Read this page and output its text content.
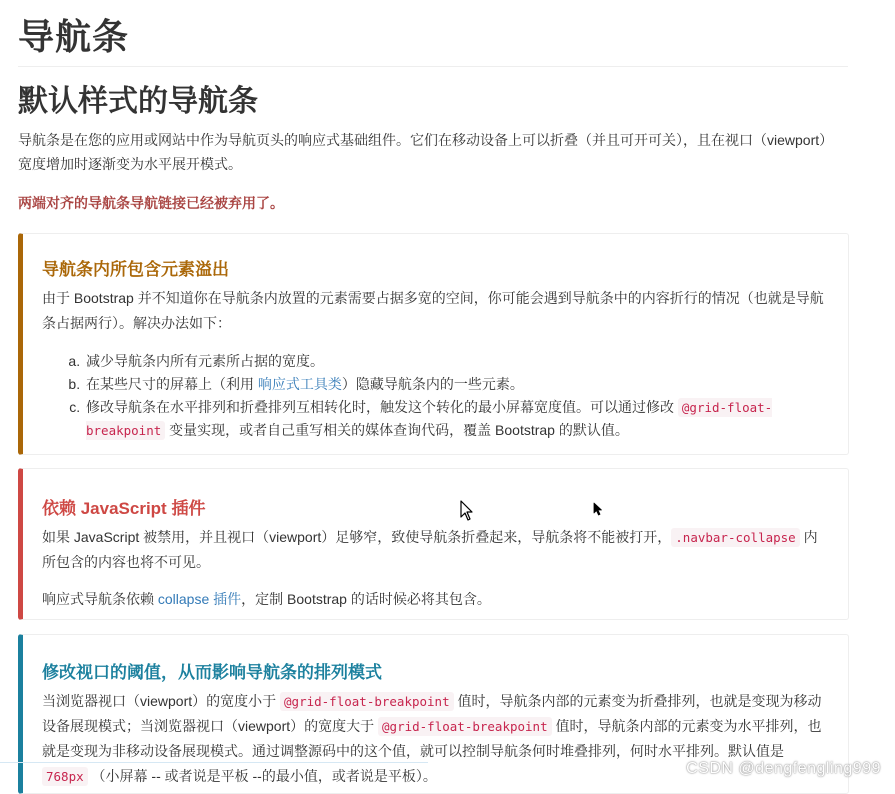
导航条
默认样式的导航条

导航条是在您的应用或网站中作为导航页头的响应式基础组件。它们在移动设备上可以折叠（并且可开可关），且在视口（viewport）宽度增加时逐渐变为水平展开模式。

两端对齐的导航条导航链接已经被弃用了。

导航条内所包含元素溢出

由于 Bootstrap 并不知道你在导航条内放置的元素需要占据多宽的空间，你可能会遇到导航条中的内容折行的情况（也就是导航条占据两行）。解决办法如下：

a. 减少导航条内所有元素所占据的宽度。
b. 在某些尺寸的屏幕上（利用 响应式工具类）隐藏导航条内的一些元素。
c. 修改导航条在水平排列和折叠排列互相转化时，触发这个转化的最小屏幕宽度值。可以通过修改 @grid-float-breakpoint 变量实现，或者自己重写相关的媒体查询代码，覆盖 Bootstrap 的默认值。
依赖 JavaScript 插件

如果 JavaScript 被禁用，并且视口（viewport）足够窄，致使导航条折叠起来，导航条将不能被打开， .navbar-collapse 内所包含的内容也将不可见。

响应式导航条依赖 collapse 插件，定制 Bootstrap 的话时候必将其包含。

修改视口的阈值，从而影响导航条的排列模式

当浏览器视口（viewport）的宽度小于 @grid-float-breakpoint 值时，导航条内部的元素变为折叠排列，也就是变现为移动设备展现模式；当浏览器视口（viewport）的宽度大于 @grid-float-breakpoint 值时，导航条内部的元素变为水平排列，也就是变现为非移动设备展现模式。通过调整源码中的这个值，就可以控制导航条何时堆叠排列，何时水平排列。默认值是 768px （小屏幕 -- 或者说是平板 --的最小值，或者说是平板）。	CSDN @dengfengling999
